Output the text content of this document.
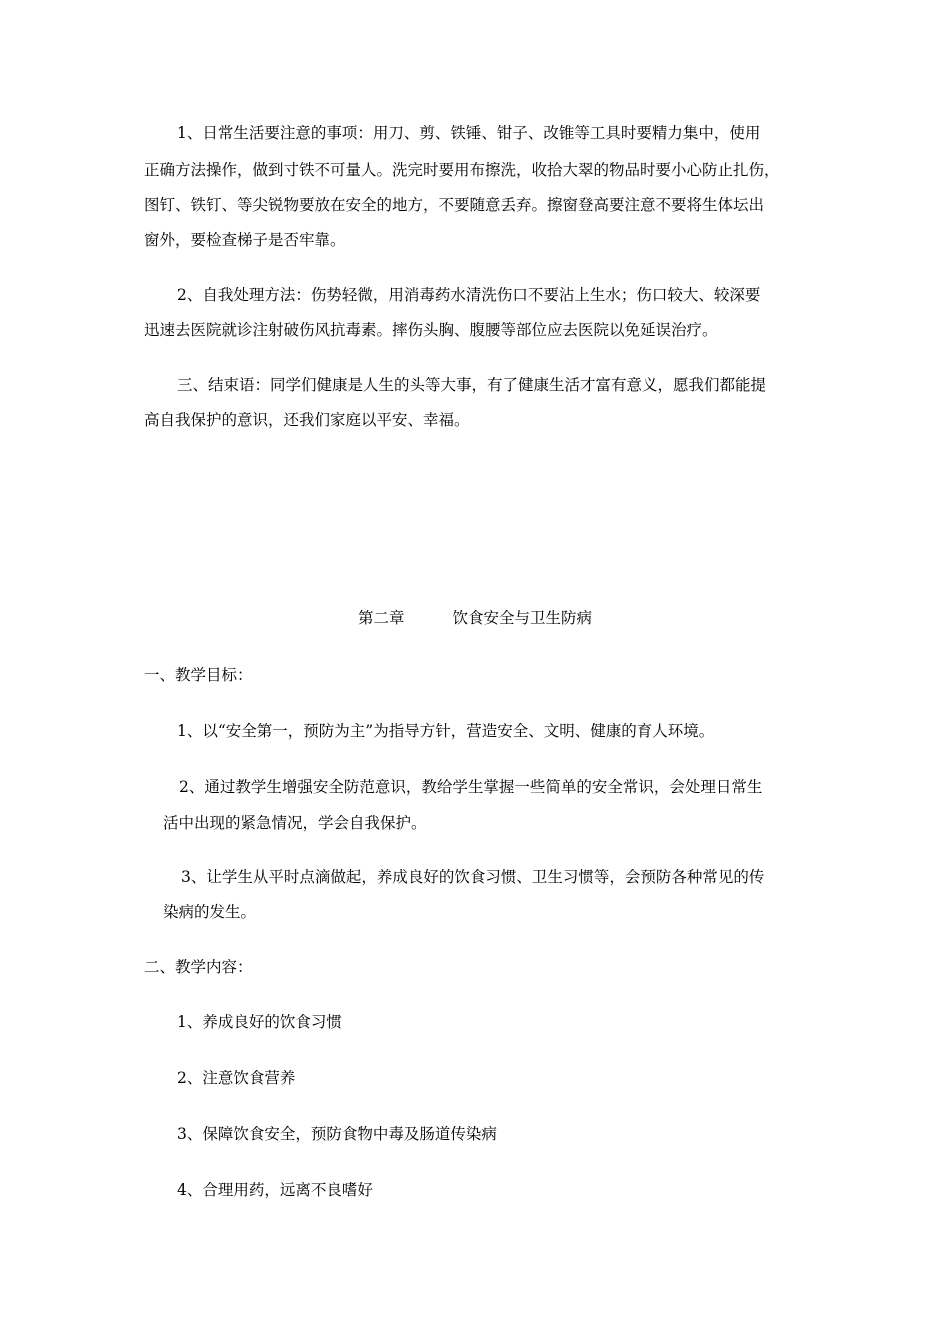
1、日常生活要注意的事项：用刀、剪、铁锤、钳子、改锥等工具时要精力集中，使用
正确方法操作，做到寸铁不可量人。洗完时要用布擦洗，收拾大翠的物品时要小心防止扎伤，
图钉、铁钉、等尖锐物要放在安全的地方，不要随意丢弃。擦窗登高要注意不要将生体坛出
窗外，要检查梯子是否牢靠。
2、自我处理方法：伤势轻微，用消毒药水清洗伤口不要沾上生水；伤口较大、较深要
迅速去医院就诊注射破伤风抗毒素。摔伤头胸、腹腰等部位应去医院以免延误治疗。
三、结束语：同学们健康是人生的头等大事，有了健康生活才富有意义，愿我们都能提
高自我保护的意识，还我们家庭以平安、幸福。
第二章	饮食安全与卫生防病
一、教学目标：
1、以“安全第一，预防为主”为指导方针，营造安全、文明、健康的育人环境。
2、通过教学生增强安全防范意识，教给学生掌握一些简单的安全常识，会处理日常生
活中出现的紧急情况，学会自我保护。
3、让学生从平时点滴做起，养成良好的饮食习惯、卫生习惯等，会预防各种常见的传
染病的发生。
二、教学内容：
1、养成良好的饮食习惯
2、注意饮食营养
3、保障饮食安全，预防食物中毒及肠道传染病
4、合理用药，远离不良嗜好
